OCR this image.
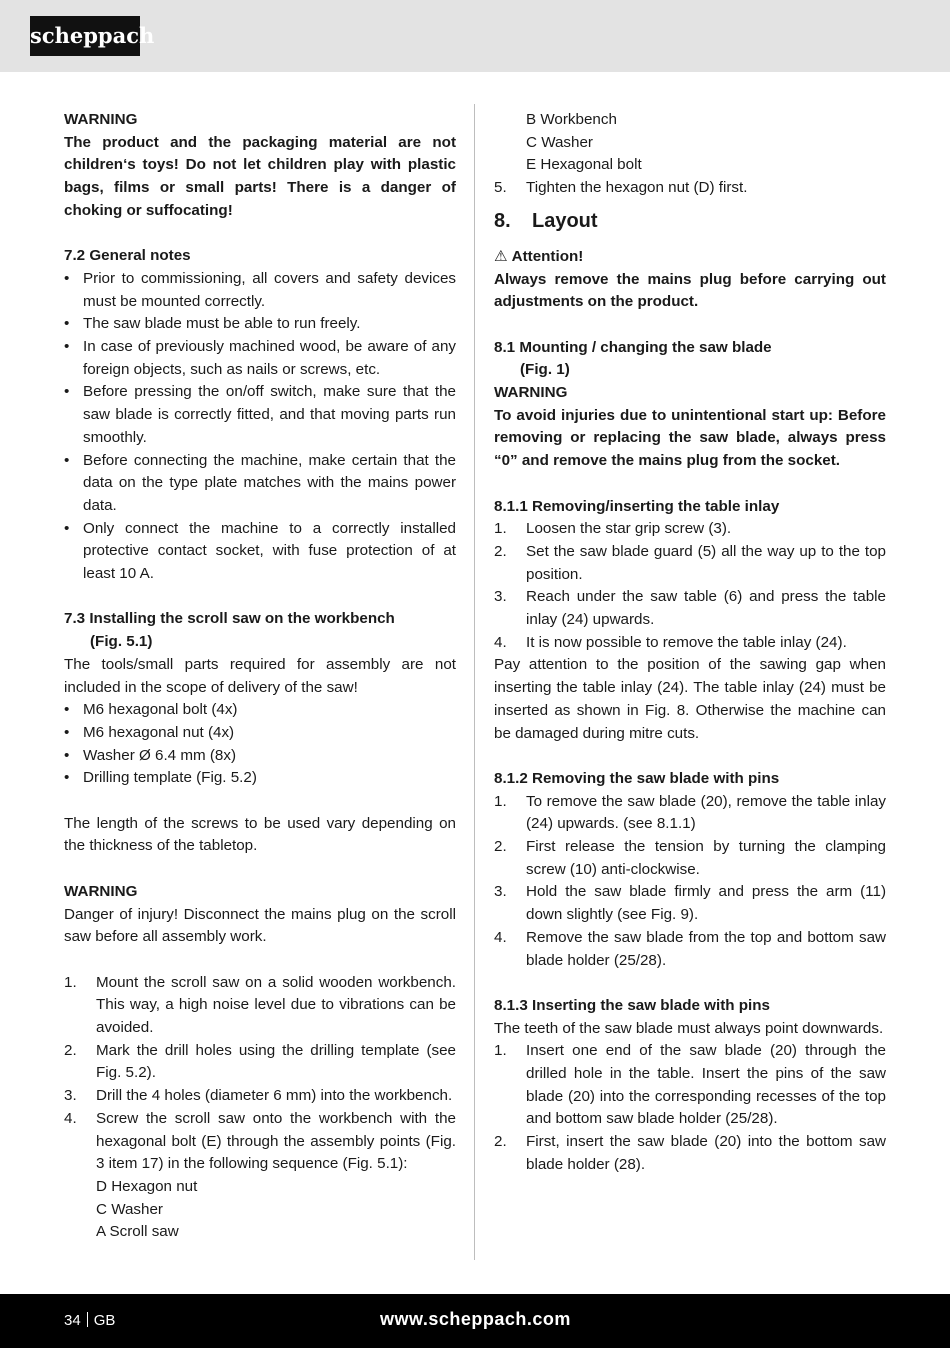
scheppach

WARNING

The product and the packaging material are not children‘s toys! Do not let children play with plastic bags, films or small parts! There is a danger of choking or suffocating!

7.2 General notes

• Prior to commissioning, all covers and safety devices must be mounted correctly.
• The saw blade must be able to run freely.
• In case of previously machined wood, be aware of any foreign objects, such as nails or screws, etc.
• Before pressing the on/off switch, make sure that the saw blade is correctly fitted, and that moving parts run smoothly.
• Before connecting the machine, make certain that the data on the type plate matches with the mains power data.
• Only connect the machine to a correctly installed protective contact socket, with fuse protection of at least 10 A.

7.3 Installing the scroll saw on the workbench

(Fig. 5.1)

The tools/small parts required for assembly are not included in the scope of delivery of the saw!

• M6 hexagonal bolt (4x)
• M6 hexagonal nut (4x)
• Washer Ø 6.4 mm (8x)
• Drilling template (Fig. 5.2)

The length of the screws to be used vary depending on the thickness of the tabletop.

WARNING

Danger of injury! Disconnect the mains plug on the scroll saw before all assembly work.

1. Mount the scroll saw on a solid wooden workbench. This way, a high noise level due to vibrations can be avoided.
2. Mark the drill holes using the drilling template (see Fig. 5.2).
3. Drill the 4 holes (diameter 6 mm) into the workbench.
4. Screw the scroll saw onto the workbench with the hexagonal bolt (E) through the assembly points (Fig. 3 item 17) in the following sequence (Fig. 5.1):

D Hexagon nut

C Washer

A Scroll saw

B Workbench

C Washer

E Hexagonal bolt

5. Tighten the hexagon nut (D) first.
8.	Layout

⚠ Attention!

Always remove the mains plug before carrying out adjustments on the product.

8.1 Mounting / changing the saw blade

(Fig. 1)

WARNING

To avoid injuries due to unintentional start up: Before removing or replacing the saw blade, always press “0” and remove the mains plug from the socket.

8.1.1 Removing/inserting the table inlay

1. Loosen the star grip screw (3).
2. Set the saw blade guard (5) all the way up to the top position.
3. Reach under the saw table (6) and press the table inlay (24) upwards.
4. It is now possible to remove the table inlay (24).

Pay attention to the position of the sawing gap when inserting the table inlay (24). The table inlay (24) must be inserted as shown in Fig. 8. Otherwise the machine can be damaged during mitre cuts.

8.1.2 Removing the saw blade with pins

1. To remove the saw blade (20), remove the table inlay (24) upwards. (see 8.1.1)
2. First release the tension by turning the clamping screw (10) anti-clockwise.
3. Hold the saw blade firmly and press the arm (11) down slightly (see Fig. 9).
4. Remove the saw blade from the top and bottom saw blade holder (25/28).

8.1.3 Inserting the saw blade with pins

The teeth of the saw blade must always point downwards.

1. Insert one end of the saw blade (20) through the drilled hole in the table. Insert the pins of the saw blade (20) into the corresponding recesses of the top and bottom saw blade holder (25/28).
2. First, insert the saw blade (20) into the bottom saw blade holder (28).
34 GB	www.scheppach.com
